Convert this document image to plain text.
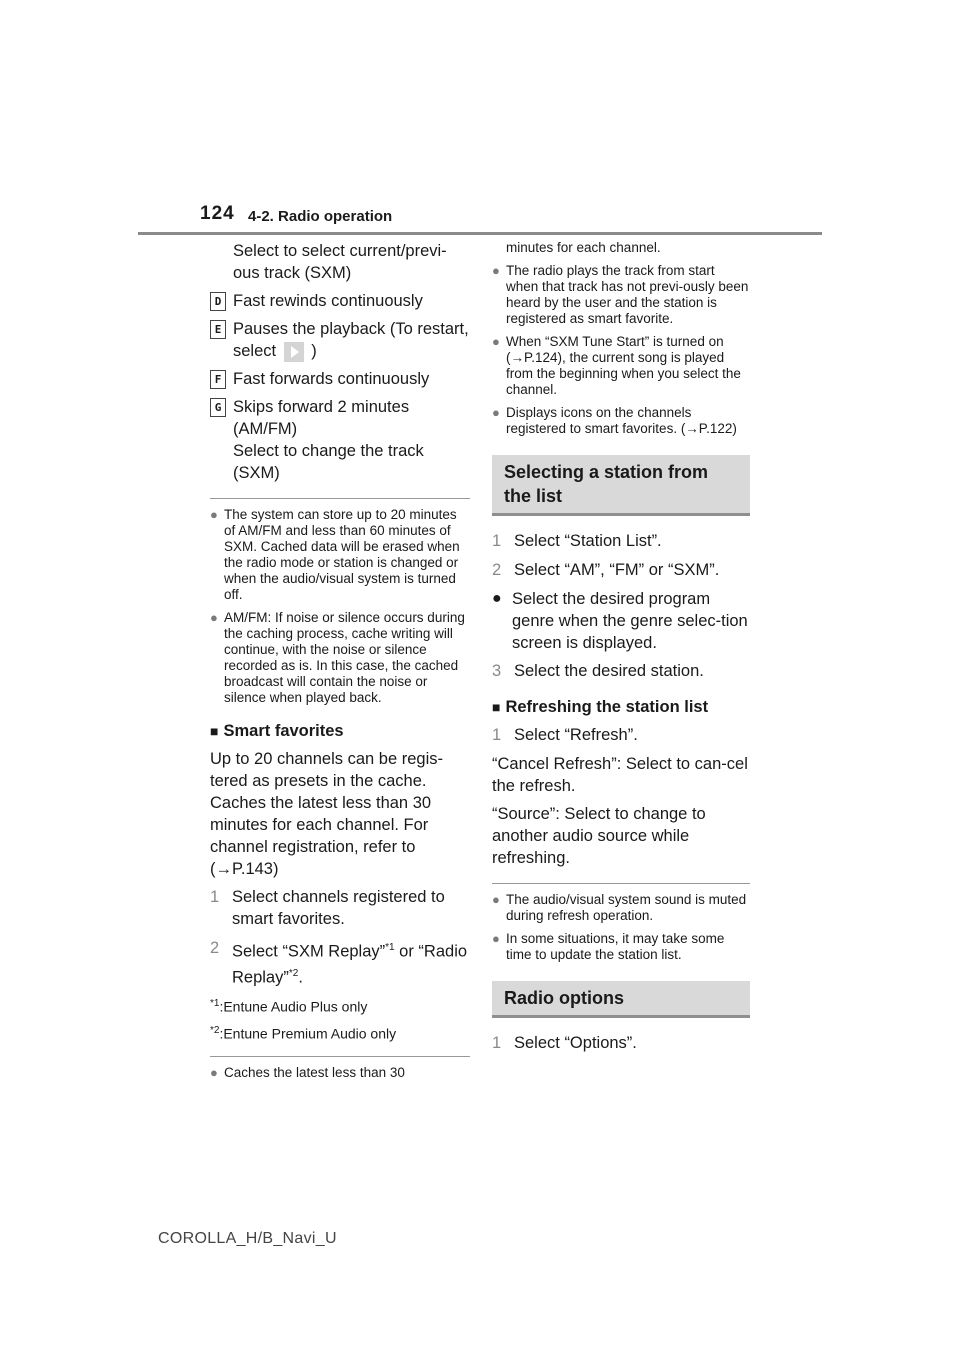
124 4-2. Radio operation
Select to select current/previ-ous track (SXM)
D Fast rewinds continuously
E Pauses the playback (To restart, select )
F Fast forwards continuously
G Skips forward 2 minutes (AM/FM)
Select to change the track (SXM)
● The system can store up to 20 minutes of AM/FM and less than 60 minutes of SXM. Cached data will be erased when the radio mode or station is changed or when the audio/visual system is turned off.
● AM/FM: If noise or silence occurs during the caching process, cache writing will continue, with the noise or silence recorded as is. In this case, the cached broadcast will contain the noise or silence when played back.
■ Smart favorites
Up to 20 channels can be regis-tered as presets in the cache. Caches the latest less than 30 minutes for each channel. For channel registration, refer to (→P.143)
1 Select channels registered to smart favorites.
2 Select “SXM Replay”$^{*1}$ or “Radio Replay”$^{*2}$.
$^{*1}$:Entune Audio Plus only
$^{*2}$:Entune Premium Audio only
● Caches the latest less than 30
minutes for each channel.
● The radio plays the track from start when that track has not previ-ously been heard by the user and the station is registered as smart favorite.
● When “SXM Tune Start” is turned on (→P.124), the current song is played from the beginning when you select the channel.
● Displays icons on the channels registered to smart favorites. (→P.122)
Selecting a station from the list
1 Select “Station List”.
2 Select “AM”, “FM” or “SXM”.
● Select the desired program genre when the genre selec-tion screen is displayed.
3 Select the desired station.
■ Refreshing the station list
1 Select “Refresh”.
“Cancel Refresh”: Select to can-cel the refresh.
“Source”: Select to change to another audio source while refreshing.
● The audio/visual system sound is muted during refresh operation.
● In some situations, it may take some time to update the station list.
Radio options
1 Select “Options”.
COROLLA_H/B_Navi_U
